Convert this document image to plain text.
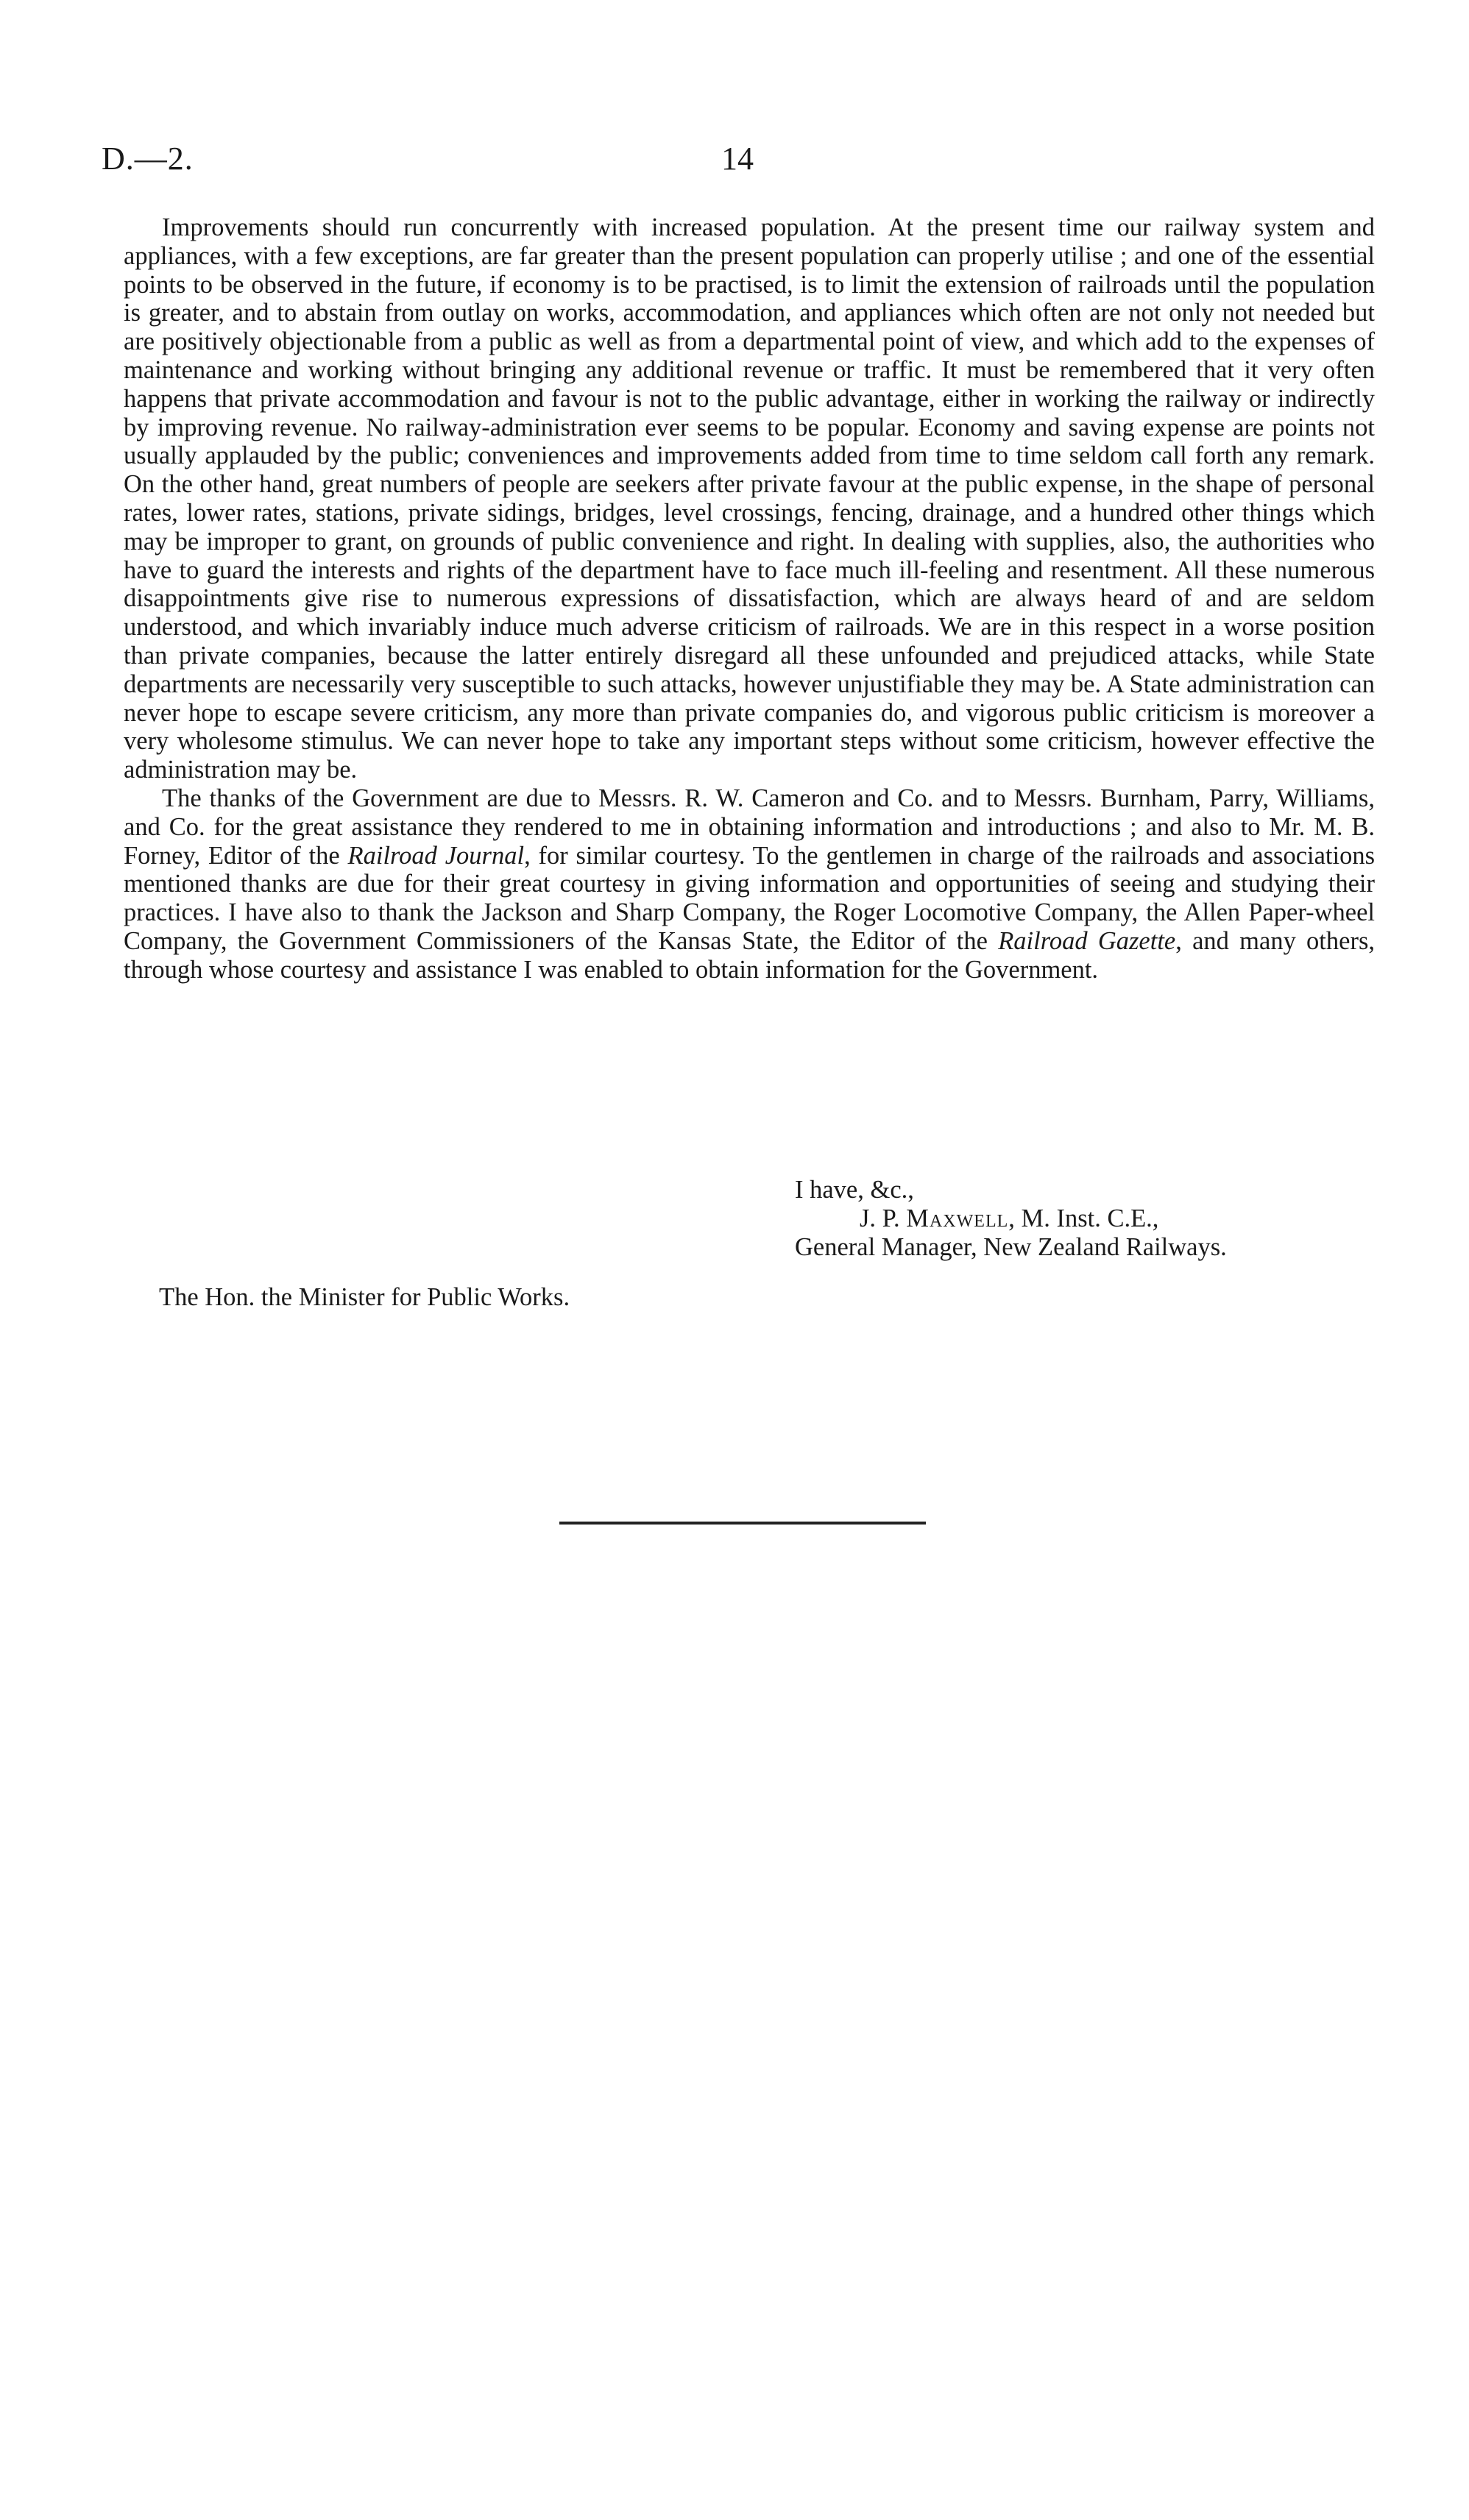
D.—2.	14

Improvements should run concurrently with increased population. At the present time our railway system and appliances, with a few exceptions, are far greater than the present population can properly utilise ; and one of the essential points to be observed in the future, if economy is to be practised, is to limit the extension of railroads until the population is greater, and to abstain from outlay on works, accommodation, and appliances which often are not only not needed but are positively objectionable from a public as well as from a departmental point of view, and which add to the expenses of maintenance and working without bringing any additional revenue or traffic. It must be remembered that it very often happens that private accommodation and favour is not to the public advantage, either in working the railway or indirectly by improving revenue. No railway-administration ever seems to be popular. Economy and saving expense are points not usually applauded by the public; conveniences and improvements added from time to time seldom call forth any remark. On the other hand, great numbers of people are seekers after private favour at the public expense, in the shape of personal rates, lower rates, stations, private sidings, bridges, level crossings, fencing, drainage, and a hundred other things which may be improper to grant, on grounds of public convenience and right. In dealing with supplies, also, the authorities who have to guard the interests and rights of the department have to face much ill-feeling and resentment. All these numerous disappointments give rise to numerous expressions of dissatisfaction, which are always heard of and are seldom understood, and which invariably induce much adverse criticism of railroads. We are in this respect in a worse position than private companies, because the latter entirely disregard all these unfounded and prejudiced attacks, while State departments are necessarily very susceptible to such attacks, however unjustifiable they may be. A State administration can never hope to escape severe criticism, any more than private companies do, and vigorous public criticism is moreover a very wholesome stimulus. We can never hope to take any important steps without some criticism, however effective the administration may be.

The thanks of the Government are due to Messrs. R. W. Cameron and Co. and to Messrs. Burnham, Parry, Williams, and Co. for the great assistance they rendered to me in obtaining information and introductions ; and also to Mr. M. B. Forney, Editor of the Railroad Journal, for similar courtesy. To the gentlemen in charge of the railroads and associations mentioned thanks are due for their great courtesy in giving information and opportunities of seeing and studying their practices. I have also to thank the Jackson and Sharp Company, the Roger Locomotive Company, the Allen Paper-wheel Company, the Government Commissioners of the Kansas State, the Editor of the Railroad Gazette, and many others, through whose courtesy and assistance I was enabled to obtain information for the Government.

I have, &c.,
J. P. Maxwell, M. Inst. C.E.,
General Manager, New Zealand Railways.
The Hon. the Minister for Public Works.
